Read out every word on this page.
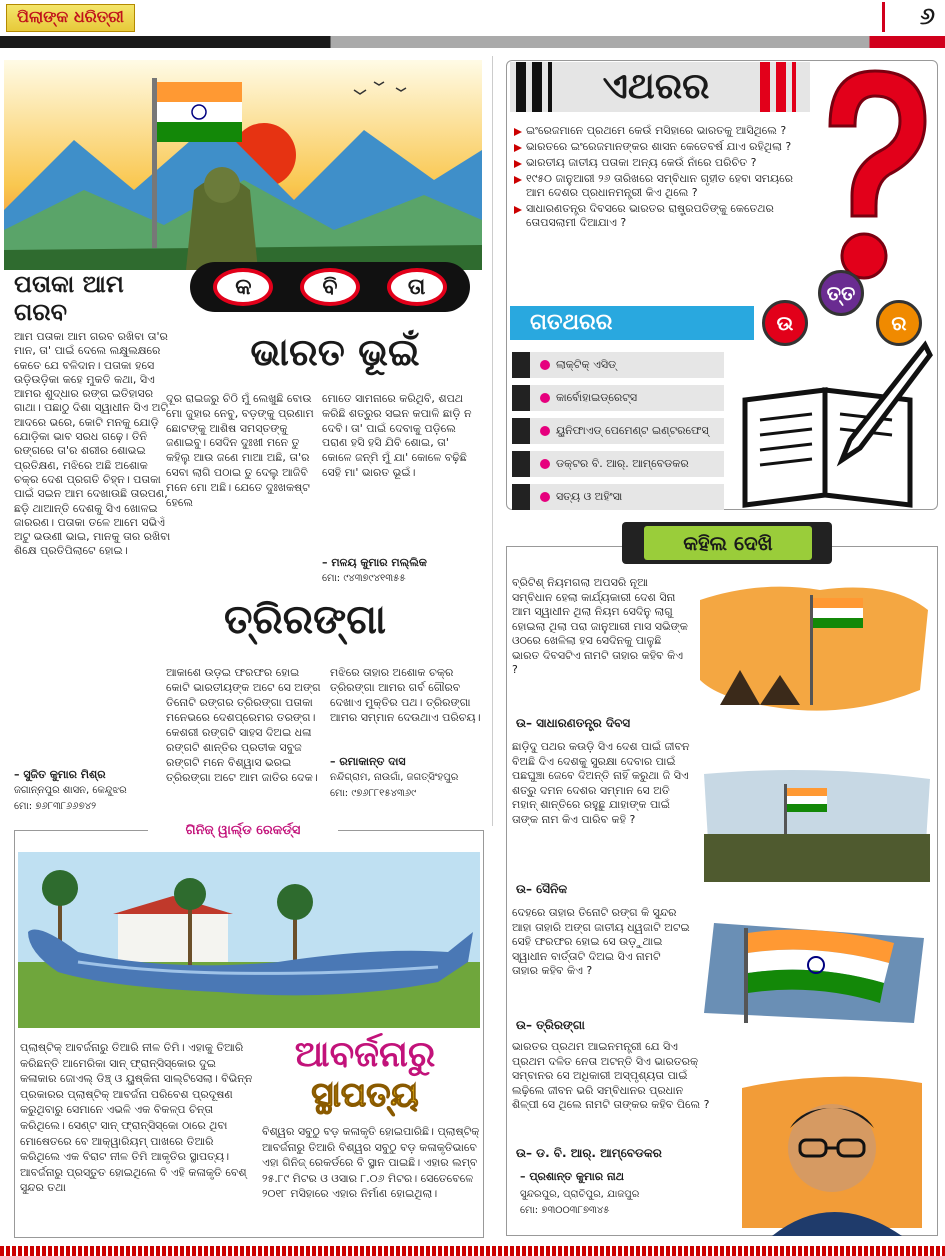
ପିଲାଙ୍କ ଧରିତ୍ରୀ	୬
କ	ବି	ତା
ଭାରତ ଭୂଇଁ
ପତାକା ଆମ ଗରବ
ଆମ ପତାକା ଆମ ଗରବ ରଖିବା ତା'ର ମାନ, ତା' ପାଇଁ ଦେଲେ ଲକ୍ଷୁଲକ୍ଷରେ କେତେ ଯେ ବଳିଦାନ। ପତାକା ହସେ ଉଡ଼ିଉଡ଼ିକା କହେ ମୁକତି କଥା, ସିଏ ଆମର ଶୁଦ୍ଧାର ରଙ୍ଗ ଇତିହାସର ଗାଥା। ପଛାଠୁ ଦିଶା ସ୍ୱାଧୀନ ସିଏ ଅଟି ଆଦରେ ଭରେ, କୋଟି ମନକୁ ଯୋଡ଼ି ଯୋଡ଼ିକା ଭାବ ସରଧ ଗଢ଼େ। ତିନି ରଙ୍ଗରେ ତା'ର ଶରୀର ଶୋଭଇ ପ୍ରତିକ୍ଷଣ, ମଝିରେ ଅଛି ଅଶୋକ ଚକ୍ର ଦେଶ ପ୍ରଗତି ଚିହ୍ନ। ପତାକା ପାଇଁ ସଇନ ଆମ ଦେଖାଉଛି ତାରପଣ, ଛଡ଼ି ଥାଆନ୍ତି ଦେଶକୁ ସିଏ ଖୋଳଇ ଜାରରଣ। ପତାକା ତଳେ ଆମେ ସଭିଏଁ ଅଟୁ ଭଉଣୀ ଭାଇ, ମାନକୁ ତାର ରଖିବା ଶିକ୍ଷେ ପ୍ରତିପିଲାଟେ ହୋଇ।
– ସୁଜିତ କୁମାର ମିଶ୍ର
ଜଗାନ୍ନପୁର ଶାସନ, କେନ୍ଦୁଝର
ମୋ: ୭୬୮୩୮୬୬୭୪୨
ଦୂର ରାଇଜରୁ ଚିଠି ମୁଁ ଲେଖୁଛି ବୋଉ ମୋ ଜୁହାର ନେବୁ, ବଡ଼ଙ୍କୁ ପ୍ରଣାମ ଛୋଟଙ୍କୁ ଆଶିଷ ସମସ୍ତଙ୍କୁ ଜଣାଇବୁ। ସେଦିନ ଦୁଃଖୀ ମନେ ତୁ କହିଲୁ ଆଉ ଜଣେ ମାଆ ଅଛି, ତା'ର ସେବା ଲାଗି ପଠାଇ ତୁ ଦେଲୁ ଆଜିବି ମନେ ମୋ ଅଛି। ଯେତେ ଦୁଃଖକଷ୍ଟ ହେଲେ
ମୋତେ ସାମନାରେ କରିଥିବି, ଶପଥ କରିଛି ଶତ୍ରୁର ସଇନ କପାଳି ଛାଡ଼ି ନ ଦେବି। ତା' ପାଇଁ ଦେବାକୁ ପଡ଼ିଲେ ପରାଣ ହସି ହସି ଯିବି ଶୋଇ, ତା' କୋଳେ ଜନ୍ମି ମୁଁ ଯା' କୋଳେ ବଢ଼ିଛି ସେହି ମା' ଭାରତ ଭୂଇଁ।
– ମଳୟ କୁମାର ମଲ୍ଲିକ
ମୋ: ୯୪୩୭୯୪୧୩୫୫
ତ୍ରିରଙ୍ଗା
ଆକାଶେ ଉଡ଼ଇ ଫରଫର ହୋଇ କୋଟି ଭାରତୀୟଙ୍କ ଅଟେ ସେ ଅଙ୍ଗ ତିନୋଟି ରଙ୍ଗର ତ୍ରିରଙ୍ଗା ପତାକା ମନେଭରେ ଦେଶପ୍ରେମର ତରଙ୍ଗ। କେଶରୀ ରଙ୍ଗଟି ସାହସ ଦିଅଇ ଧଳା ରଙ୍ଗଟି ଶାନ୍ତିର ପ୍ରତୀକ ସବୁଜ ରଙ୍ଗଟି ମନେ ବିଶ୍ୱାସ ଭରଇ ତ୍ରିରଙ୍ଗା ଅଟେ ଆମ ଜାତିର ଦେକ।
ମଝିରେ ତାହାର ଅଶୋକ ଚକ୍ର ତ୍ରିରଙ୍ଗା ଆମର ଗର୍ବ ଗୌରବ ଦେଖାଏ ମୁକ୍ତିର ପଥ। ତ୍ରିରଙ୍ଗା ଆମର ସମ୍ମାନ ଦେଉଥାଏ ପରିଚୟ।
– ରମାକାନ୍ତ ଦାସ
ନନ୍ଦିଗ୍ରାମ, ନାଉଗାଁ, ଜଗତ୍‌ସିଂହପୁର
ମୋ: ୯୭୬୮୮୧୫୪୩୬୯
ଗିନିଜ୍ ୱାର୍ଲ୍ଡ ରେକର୍ଡ୍ସ
ଆବର୍ଜନାରୁ
ସ୍ଥାପତ୍ୟ
ପ୍ଲାଷ୍ଟିକ୍ ଆବର୍ଜନାରୁ ତିଆରି ନୀଳ ତିମି। ଏହାକୁ ତିଆରି କରିଛନ୍ତି ଆମେରିକା ସାନ୍ ଫ୍ରାନ୍ସିସ୍କୋର ଦୁଇ କଳାକାର ଜୋଏଲ୍ ଡିଞ୍ଚ୍ ଓ ୟୁଷ୍କିନା ସାଲ୍ଟିସେଲା। ବିଭିନ୍ନ ପ୍ରକାରର ପ୍ଲାଷ୍ଟିକ୍ ଆବର୍ଜନା ପରିବେଶ ପ୍ରଦୂଷଣ କରୁଥିବାରୁ ସେମାନେ ଏଭଳି ଏକ ବିକଳ୍ପ ଚିନ୍ତା କରିଥିଲେ। ସେଣ୍ଟ ସାନ୍ ଫ୍ରାନ୍ସିସ୍କୋ ଠାରେ ଥିବା ମୋଷେତରେ ବେ ଆକ୍ୱାରିୟମ୍ ପାଖରେ ତିଆରି କରିଥିଲେ ଏକ ବିରାଟ ନୀଳ ତିମି ଆକୃତିର ସ୍ଥାପତ୍ୟ। ଆବର୍ଜନାରୁ ପ୍ରସ୍ତୁତ ହୋଇଥିଲେ ବି ଏହି କଳାକୃତି ବେଶ୍ ସୁନ୍ଦର ତଥା
ବିଶ୍ୱର ସବୁଠୁ ବଡ଼ କଳାକୃତି ହୋଇପାରିଛି। ପ୍ଲାଷ୍ଟିକ୍ ଆବର୍ଜନାରୁ ତିଆରି ବିଶ୍ୱର ସବୁଠୁ ବଡ଼ କଳାକୃତିଭାବେ ଏହା ଗିନିଜ୍ ରେକର୍ଡରେ ବି ସ୍ଥାନ ପାଇଛି। ଏହାର ଲମ୍ବ ୨୫.୮୯ ମିଟର ଓ ଓସାର ୮.୦୬ ମିଟର। ସେତେବେଳେ ୨୦୧୮ ମସିହାରେ ଏହାର ନିର୍ମାଣ ହୋଇଥିଲା।
ଏଥରର
ଇଂରେଜମାନେ ପ୍ରଥମେ କେଉଁ ମସିହାରେ ଭାରତକୁ ଆସିଥିଲେ ?
ଭାରତରେ ଇଂରେଜମାନଙ୍କର ଶାସନ କେତେବର୍ଷ ଯାଏ ରହିଥିଲା ?
ଭାରତୀୟ ଜାତୀୟ ପତାକା ଅନ୍ୟ କେଉଁ ନାଁରେ ପରିଚିତ ?
୧୯୫୦ ଜାନୁଆରୀ ୨୬ ତାରିଖରେ ସମ୍ବିଧାନ ଗୃହୀତ ହେବା ସମୟରେ ଆମ ଦେଶର ପ୍ରଧାନମନ୍ତ୍ରୀ କିଏ ଥିଲେ ?
ସାଧାରଣତନ୍ତ୍ର ଦିବସରେ ଭାରତର ରାଷ୍ଟ୍ରପତିଙ୍କୁ କେତେଥର ତୋପସଲାମୀ ଦିଆଯାଏ ?
ଉ
ତ୍ତ
ର
ଗତଥରର
ଲାକ୍ଟିକ୍ ଏସିଡ୍
କାର୍ବୋହାଇଡ୍ରେଟ୍ସ
ୟୁନିଫାଏଡ୍ ପେମେଣ୍ଟ ଇଣ୍ଟରଫେସ୍
ଡକ୍ଟର ବି. ଆର୍. ଆମ୍ବେଡକର
ସତ୍ୟ ଓ ଅହିଂସା
କହିଲ ଦେଖି
ବ୍ରିଟିଶ୍ ନିୟମଗଲା ଅପସରି ନୂଆ ସମ୍ବିଧାନ ହେଲା କାର୍ଯ୍ୟକାରୀ ଦେଶ ସିନା ଆମ ସ୍ୱାଧୀନ ଥିଲା ନିୟମ ସେଦିନୁ ଲାଗୁ ହୋଇଲା ଥିଲା ପରା ଜାନୁଆରୀ ମାସ ସଭିଙ୍କ ଓଠରେ ଖେଳିଲା ହସ ସେଦିନକୁ ପାଳୁଛି ଭାରତ ଦିବସଟିଏ ନାମଟି ତାହାର କହିବ କିଏ ?
ଉ– ସାଧାରଣତନ୍ତ୍ର ଦିବସ
ଛାଡ଼ିଦୁ ପଥର କଉଡ଼ି ସିଏ ଦେଶ ପାଇଁ ଜୀବନ ବିଅଛି ଦିଏ ଦେଶକୁ ସୁରକ୍ଷା ଦେବାର ପାଇଁ ପଛଘୁଞ୍ଚା ଜେବେ ଦିଅନ୍ତି ନାହିଁ କରୁଥା ଜି ସିଏ ଶତ୍ରୁ ଦମନ ଦେଶର ସମ୍ମାନ ସେ ଅତି ମହାନ୍ ଶାନ୍ତିରେ ରହୁଛୁ ଯାହାଙ୍କ ପାଇଁ ତାଙ୍କ ନାମ କିଏ ପାରିବ କହି ?
ଉ– ସୈନିକ
ଦେହରେ ତାହାର ତିନୋଟି ରଙ୍ଗ କି ସୁନ୍ଦର ଆହା ତାହାରି ଅଙ୍ଗ ଜାତୀୟ ଧ୍ୱଜାଟି ଅଟଇ ସେହି ଫରଫର ହୋଇ ସେ ଉଡ଼ୁଥାଇ ସ୍ୱାଧୀନ ବାର୍ତ୍ତାଟି ଦିଅଇ ସିଏ ନାମଟି ତାହାର କହିବ କିଏ ?
ଉ– ତ୍ରିରଙ୍ଗା
ଭାରତର ପ୍ରଥମ ଆଇନମନ୍ତ୍ରୀ ଯେ ସିଏ ପ୍ରଥମ ଦଳିତ ନେତା ଅଟନ୍ତି ସିଏ ଭାରତରକ୍ ସମ୍ବାନର ସେ ଅଧିକାରୀ ଅସ୍ପୃଶ୍ୟତା ପାଇଁ ଲଢ଼ିଲେ ଜୀବନ ଭରି ସମ୍ବିଧାନର ପ୍ରଧାନ ଶିଳ୍ପୀ ସେ ଥିଲେ ନାମଟି ତାଙ୍କର କହିବ ପିଲେ ?
ଉ– ଡ. ବି. ଆର୍. ଆମ୍ବେଡକର
– ପ୍ରଶାନ୍ତ କୁମାର ନାଥ
ସୁନ୍ଦରପୁର, ପ୍ରାଚିପୁର, ଯାଜପୁର
ମୋ: ୭୩୦୦୩୮୭୩୪୫
